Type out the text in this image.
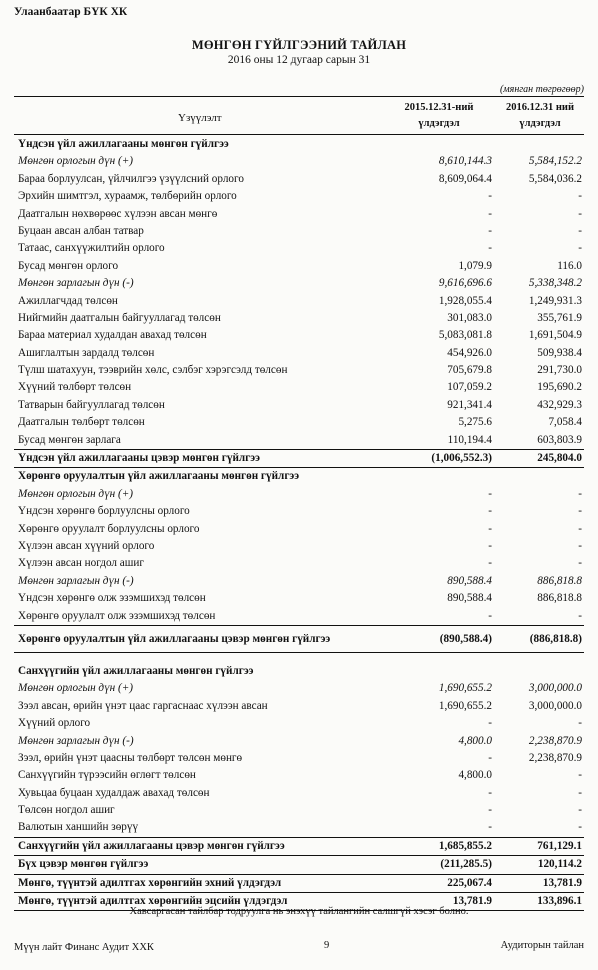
Улаанбаатар БҮК ХК
МӨНГӨН ГҮЙЛГЭЭНИЙ ТАЙЛАН
2016 оны 12 дугаар сарын 31
(мянган төгрөгөөр)
Үзүүлэлт
2015.12.31-ний
үлдэгдэл
2016.12.31 ний
үлдэгдэл
Үндсэн үйл ажиллагааны мөнгөн гүйлгээ
Мөнгөн орлогын дүн (+)	8,610,144.3	5,584,152.2
Бараа борлуулсан, үйлчилгээ үзүүлсний орлого	8,609,064.4	5,584,036.2
Эрхийн шимтгэл, хураамж, төлбөрийн орлого	-	-
Даатгалын нөхвөрөөс хүлээн авсан мөнгө	-	-
Буцаан авсан албан татвар	-	-
Татаас, санхүүжилтийн орлого	-	-
Бусад мөнгөн орлого	1,079.9	116.0
Мөнгөн зарлагын дүн (-)	9,616,696.6	5,338,348.2
Ажиллагчдад төлсөн	1,928,055.4	1,249,931.3
Нийгмийн даатгалын байгууллагад төлсөн	301,083.0	355,761.9
Бараа материал худалдан авахад төлсөн	5,083,081.8	1,691,504.9
Ашиглалтын зардалд төлсөн	454,926.0	509,938.4
Түлш шатахуун, тээврийн хөлс, сэлбэг хэрэгсэлд төлсөн	705,679.8	291,730.0
Хүүний төлбөрт төлсөн	107,059.2	195,690.2
Татварын байгууллагад төлсөн	921,341.4	432,929.3
Даатгалын төлбөрт төлсөн	5,275.6	7,058.4
Бусад мөнгөн зарлага	110,194.4	603,803.9
Үндсэн үйл ажиллагааны цэвэр мөнгөн гүйлгээ	(1,006,552.3)	245,804.0
Хөрөнгө оруулалтын үйл ажиллагааны мөнгөн гүйлгээ
Мөнгөн орлогын дүн (+)	-	-
Үндсэн хөрөнгө борлуулсны орлого	-	-
Хөрөнгө оруулалт борлуулсны орлого	-	-
Хүлээн авсан хүүний орлого	-	-
Хүлээн авсан ногдол ашиг	-	-
Мөнгөн зарлагын дүн (-)	890,588.4	886,818.8
Үндсэн хөрөнгө олж эзэмшихэд төлсөн	890,588.4	886,818.8
Хөрөнгө оруулалт олж эзэмшихэд төлсөн	-	-
Хөрөнгө оруулалтын үйл ажиллагааны цэвэр мөнгөн гүйлгээ	(890,588.4)	(886,818.8)
Санхүүгийн үйл ажиллагааны мөнгөн гүйлгээ
Мөнгөн орлогын дүн (+)	1,690,655.2	3,000,000.0
Зээл авсан, өрийн үнэт цаас гаргаснаас хүлээн авсан	1,690,655.2	3,000,000.0
Хүүний орлого	-	-
Мөнгөн зарлагын дүн (-)	4,800.0	2,238,870.9
Зээл, өрийн үнэт цаасны төлбөрт төлсөн мөнгө	-	2,238,870.9
Санхүүгийн түрээсийн өглөгт төлсөн	4,800.0	-
Хувьцаа буцаан худалдаж авахад төлсөн	-	-
Төлсөн ногдол ашиг	-	-
Валютын ханшийн зөрүү	-	-
Санхүүгийн үйл ажиллагааны цэвэр мөнгөн гүйлгээ	1,685,855.2	761,129.1
Бүх цэвэр мөнгөн гүйлгээ	(211,285.5)	120,114.2
Мөнгө, түүнтэй адилтгах хөрөнгийн эхний үлдэгдэл	225,067.4	13,781.9
Мөнгө, түүнтэй адилтгах хөрөнгийн эцсийн үлдэгдэл	13,781.9	133,896.1
Хавсаргасан тайлбар тодруулга нь энэхүү тайлангийн салшгүй хэсэг болно.
Мүүн лайт Финанс Аудит ХХК	9	Аудиторын тайлан
